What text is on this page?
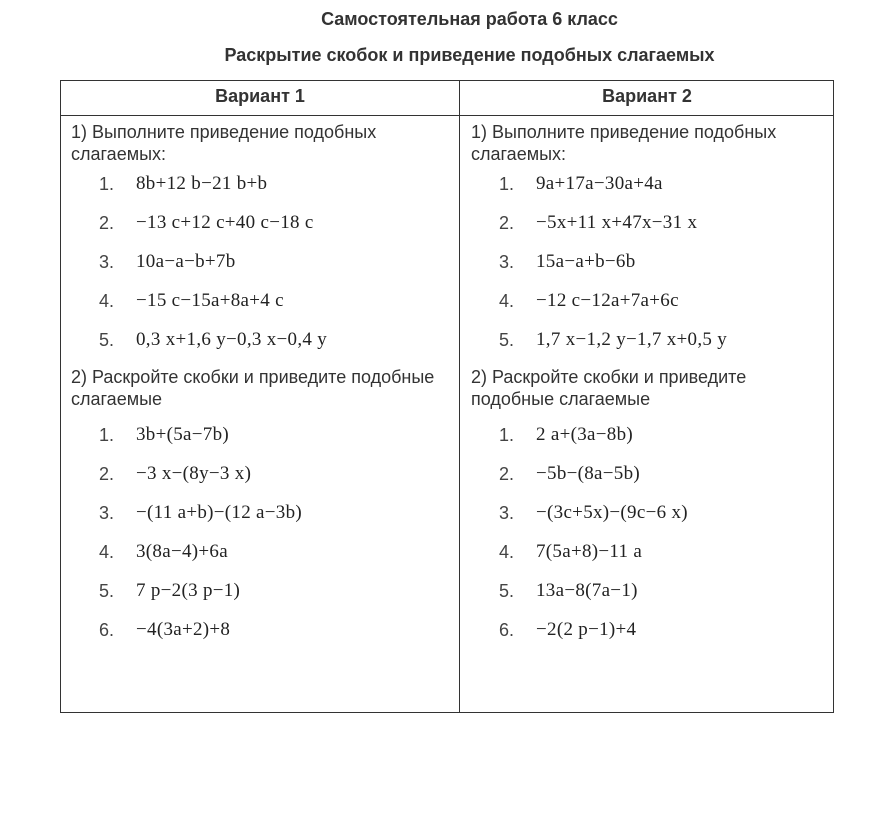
Самостоятельная работа 6 класс
Раскрытие скобок и приведение подобных слагаемых
Вариант 1
1) Выполните приведение подобных слагаемых:
1. 8b+12 b−21 b+b
2. −13 c+12 c+40 c−18 c
3. 10a−a−b+7b
4. −15 c−15a+8a+4 c
5. 0,3 x+1,6 y−0,3 x−0,4 y
2) Раскройте скобки и приведите подобные слагаемые
1. 3b+(5a−7b)
2. −3 x−(8y−3 x)
3. −(11 a+b)−(12 a−3b)
4. 3(8a−4)+6a
5. 7 p−2(3 p−1)
6. −4(3a+2)+8
Вариант 2
1) Выполните приведение подобных слагаемых:
1. 9a+17a−30a+4a
2. −5x+11 x+47x−31 x
3. 15a−a+b−6b
4. −12 c−12a+7a+6c
5. 1,7 x−1,2 y−1,7 x+0,5 y
2) Раскройте скобки и приведите подобные слагаемые
1. 2 a+(3a−8b)
2. −5b−(8a−5b)
3. −(3c+5x)−(9c−6 x)
4. 7(5a+8)−11 a
5. 13a−8(7a−1)
6. −2(2 p−1)+4
